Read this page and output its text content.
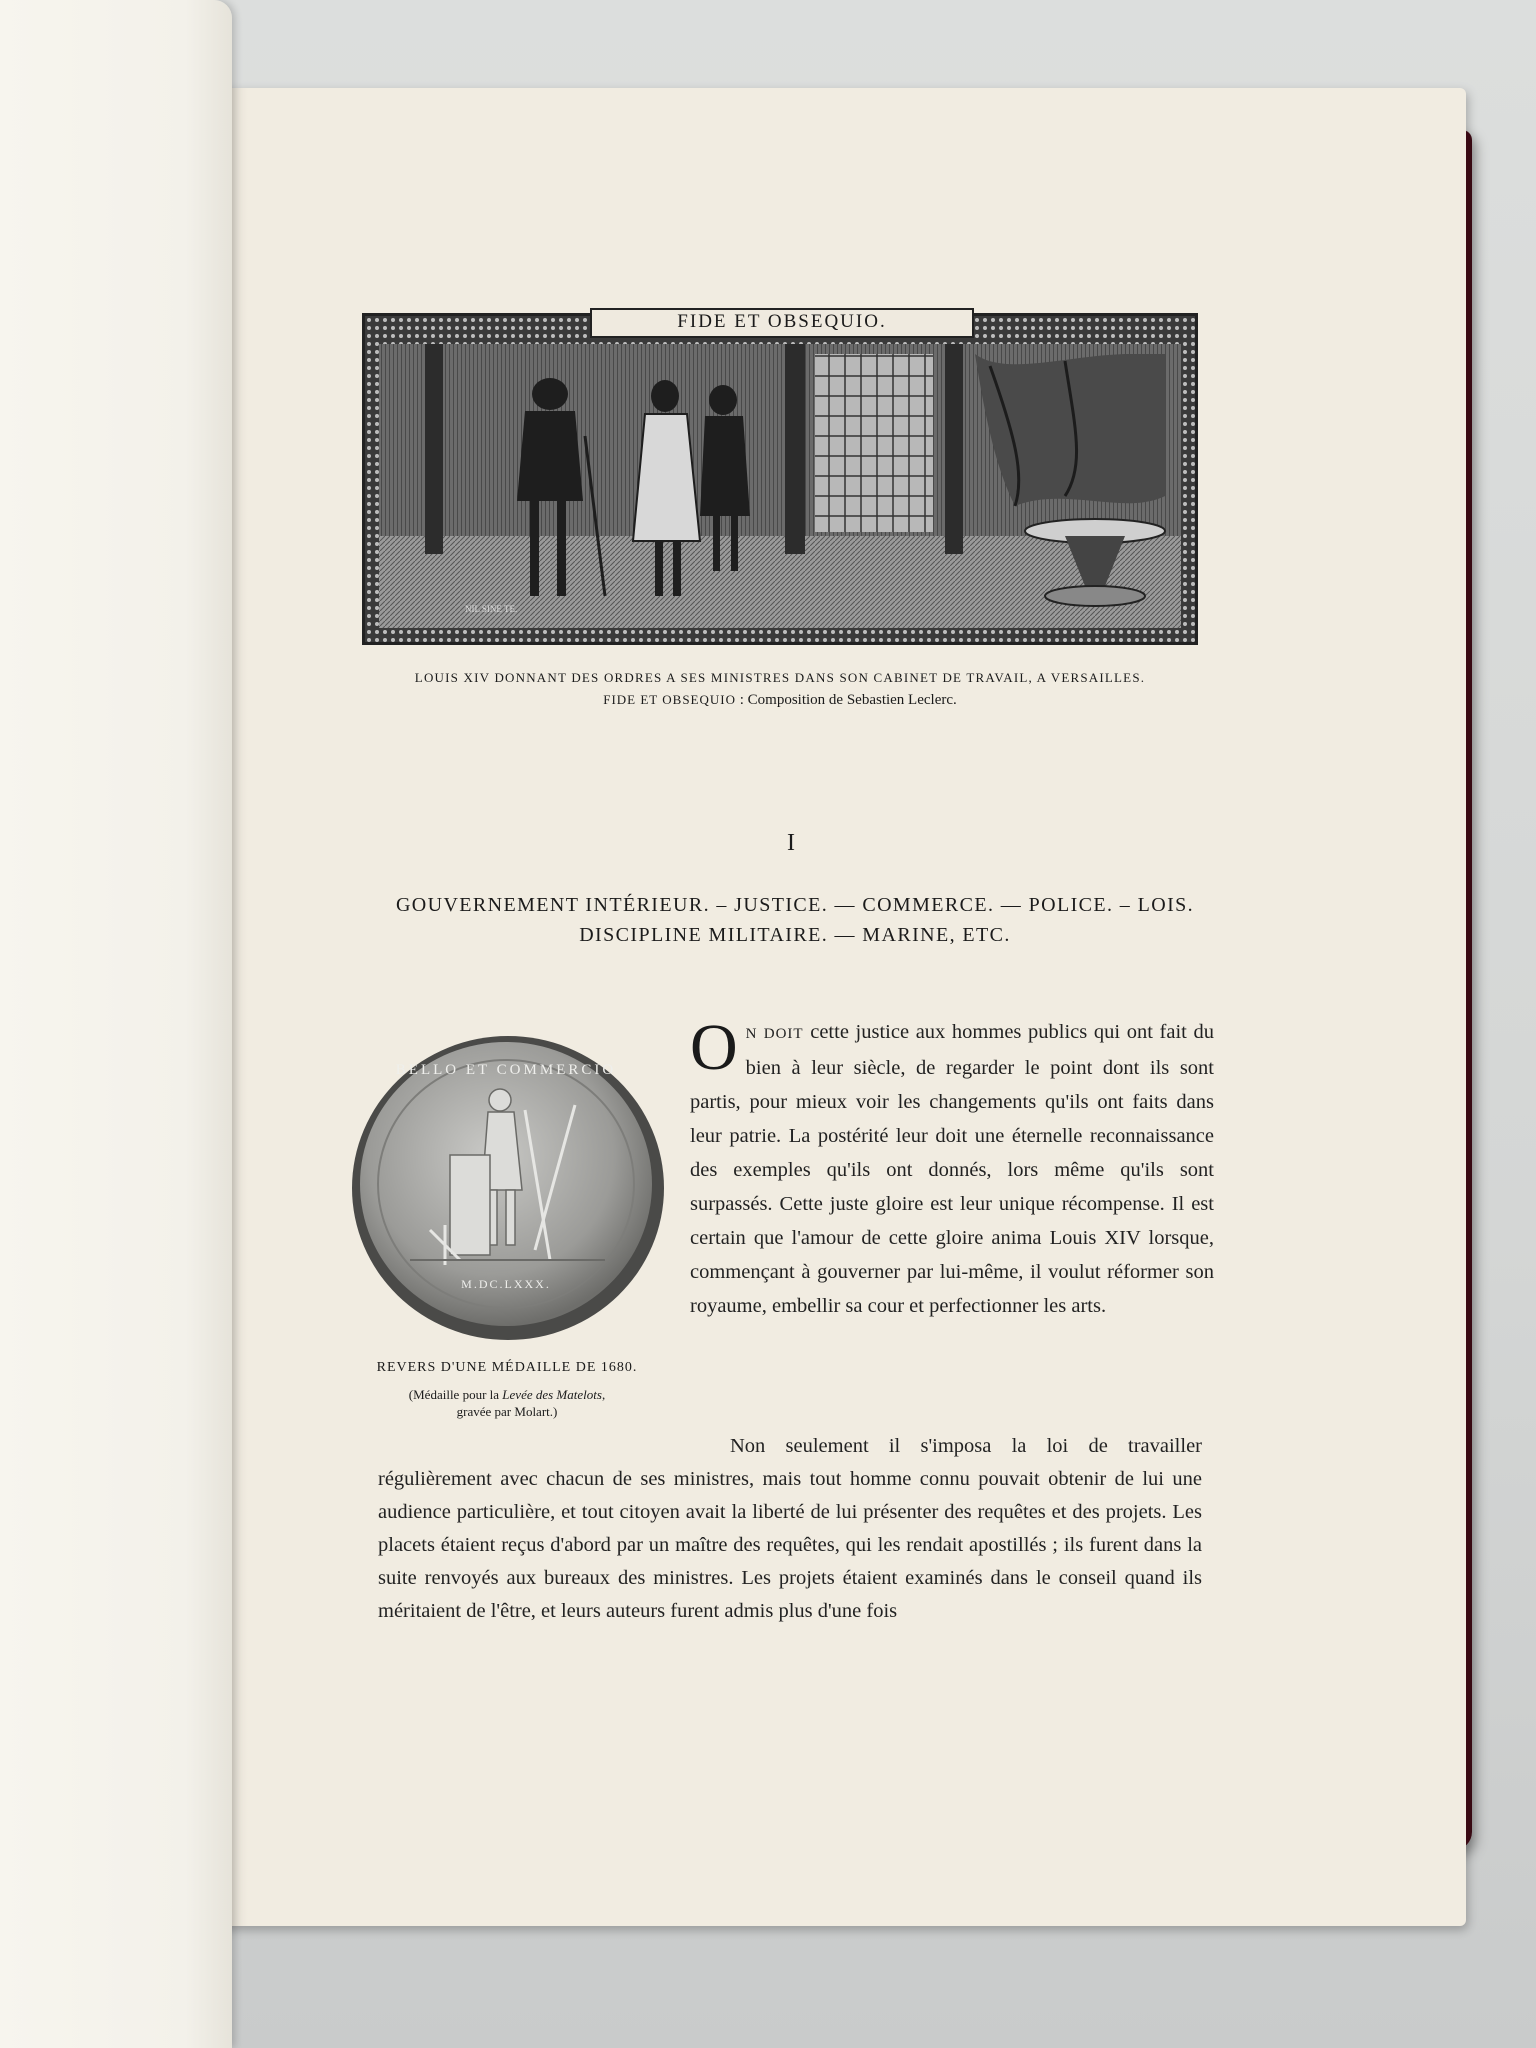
NIL SINE TE.
FIDE ET OBSEQUIO.
LOUIS XIV DONNANT DES ORDRES A SES MINISTRES DANS SON CABINET DE TRAVAIL, A VERSAILLES.
FIDE ET OBSEQUIO : Composition de Sebastien Leclerc.
I
GOUVERNEMENT INTÉRIEUR. – JUSTICE. — COMMERCE. — POLICE. – LOIS.
DISCIPLINE MILITAIRE. — MARINE, ETC.
BELLO ET COMMERCIO
M.DC.LXXX.
REVERS D'UNE MÉDAILLE DE 1680.
(Médaille pour la Levée des Matelots,
gravée par Molart.)

ON DOIT cette justice aux hommes publics qui ont fait du bien à leur siècle, de regarder le point dont ils sont partis, pour mieux voir les changements qu'ils ont faits dans leur patrie. La postérité leur doit une éternelle reconnaissance des exemples qu'ils ont donnés, lors même qu'ils sont surpassés. Cette juste gloire est leur unique récompense. Il est certain que l'amour de cette gloire anima Louis XIV lorsque, commençant à gouverner par lui-même, il voulut réformer son royaume, embellir sa cour et perfectionner les arts.

Non seulement il s'imposa la loi de travailler régulièrement avec chacun de ses ministres, mais tout homme connu pouvait obtenir de lui une audience particulière, et tout citoyen avait la liberté de lui présenter des requêtes et des projets. Les placets étaient reçus d'abord par un maître des requêtes, qui les rendait apostillés ; ils furent dans la suite renvoyés aux bureaux des ministres. Les projets étaient examinés dans le conseil quand ils méritaient de l'être, et leurs auteurs furent admis plus d'une fois
